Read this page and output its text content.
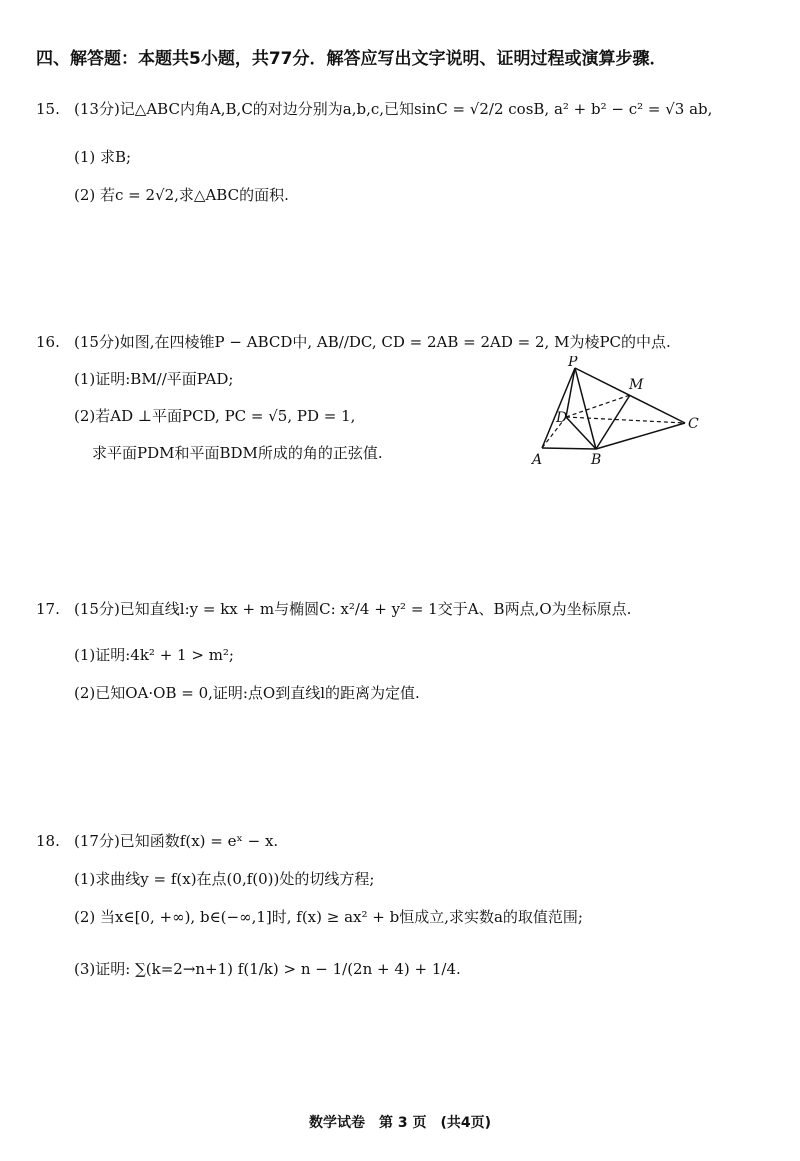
四、解答题：本题共5小题，共77分．解答应写出文字说明、证明过程或演算步骤．
15. (13分)记△ABC内角A,B,C的对边分别为a,b,c,已知sinC = √2/2 cosB, a² + b² − c² = √3 ab,
(1) 求B;
(2) 若c = 2√2,求△ABC的面积.
16. (15分)如图,在四棱锥P − ABCD中, AB//DC, CD = 2AB = 2AD = 2, M为棱PC的中点.
(1)证明:BM//平面PAD;
(2)若AD ⊥平面PCD, PC = √5, PD = 1,
求平面PDM和平面BDM所成的角的正弦值.
P
M
D	C
A	B
17. (15分)已知直线l:y = kx + m与椭圆C: x²/4 + y² = 1交于A、B两点,O为坐标原点.
(1)证明:4k² + 1 > m²;
(2)已知OA·OB = 0,证明:点O到直线l的距离为定值.
18. (17分)已知函数f(x) = eˣ − x.
(1)求曲线y = f(x)在点(0,f(0))处的切线方程;
(2) 当x∈[0, +∞), b∈(−∞,1]时, f(x) ≥ ax² + b恒成立,求实数a的取值范围;
(3)证明: ∑(k=2→n+1) f(1/k) > n − 1/(2n + 4) + 1/4.
数学试卷　第 3 页　(共4页)
